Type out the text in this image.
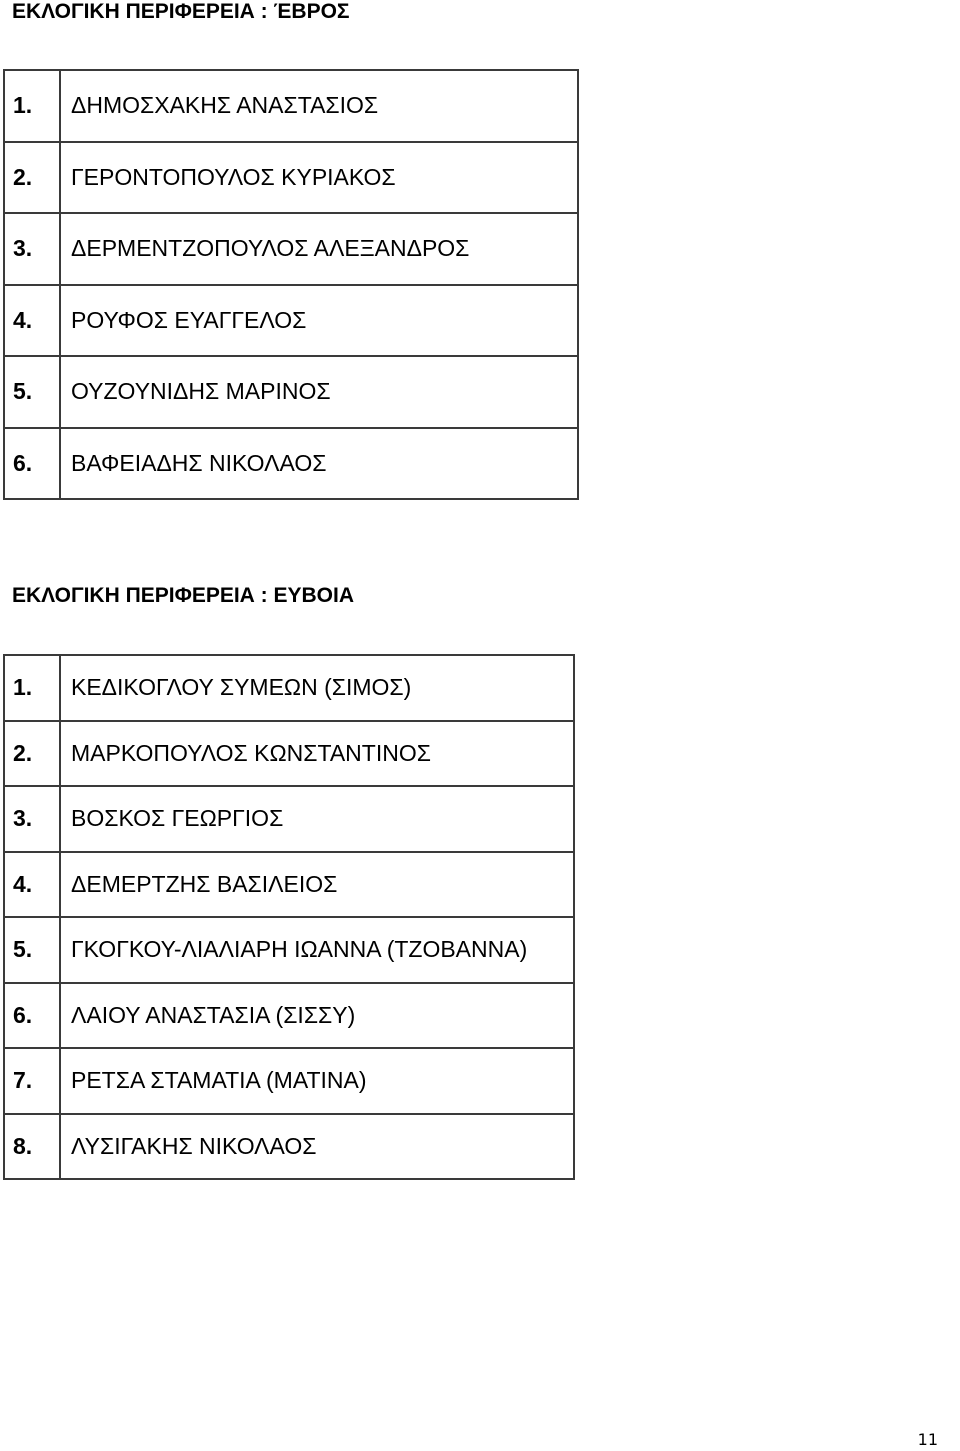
ΕΚΛΟΓΙΚΗ ΠΕΡΙΦΕΡΕΙΑ : ΈΒΡΟΣ
1.	ΔΗΜΟΣΧΑΚΗΣ ΑΝΑΣΤΑΣΙΟΣ
2.	ΓΕΡΟΝΤΟΠΟΥΛΟΣ ΚΥΡΙΑΚΟΣ
3.	ΔΕΡΜΕΝΤΖΟΠΟΥΛΟΣ ΑΛΕΞΑΝΔΡΟΣ
4.	ΡΟΥΦΟΣ ΕΥΑΓΓΕΛΟΣ
5.	ΟΥΖΟΥΝΙΔΗΣ ΜΑΡΙΝΟΣ
6.	ΒΑΦΕΙΑΔΗΣ ΝΙΚΟΛΑΟΣ
ΕΚΛΟΓΙΚΗ ΠΕΡΙΦΕΡΕΙΑ : ΕΥΒΟΙΑ
1.	ΚΕΔΙΚΟΓΛΟΥ ΣΥΜΕΩΝ (ΣΙΜΟΣ)
2.	ΜΑΡΚΟΠΟΥΛΟΣ ΚΩΝΣΤΑΝΤΙΝΟΣ
3.	ΒΟΣΚΟΣ ΓΕΩΡΓΙΟΣ
4.	ΔΕΜΕΡΤΖΗΣ ΒΑΣΙΛΕΙΟΣ
5.	ΓΚΟΓΚΟΥ-ΛΙΑΛΙΑΡΗ ΙΩΑΝΝΑ (ΤΖΟΒΑΝΝΑ)
6.	ΛΑΙΟΥ ΑΝΑΣΤΑΣΙΑ (ΣΙΣΣΥ)
7.	ΡΕΤΣΑ ΣΤΑΜΑΤΙΑ (ΜΑΤΙΝΑ)
8.	ΛΥΣΙΓΑΚΗΣ ΝΙΚΟΛΑΟΣ
11
